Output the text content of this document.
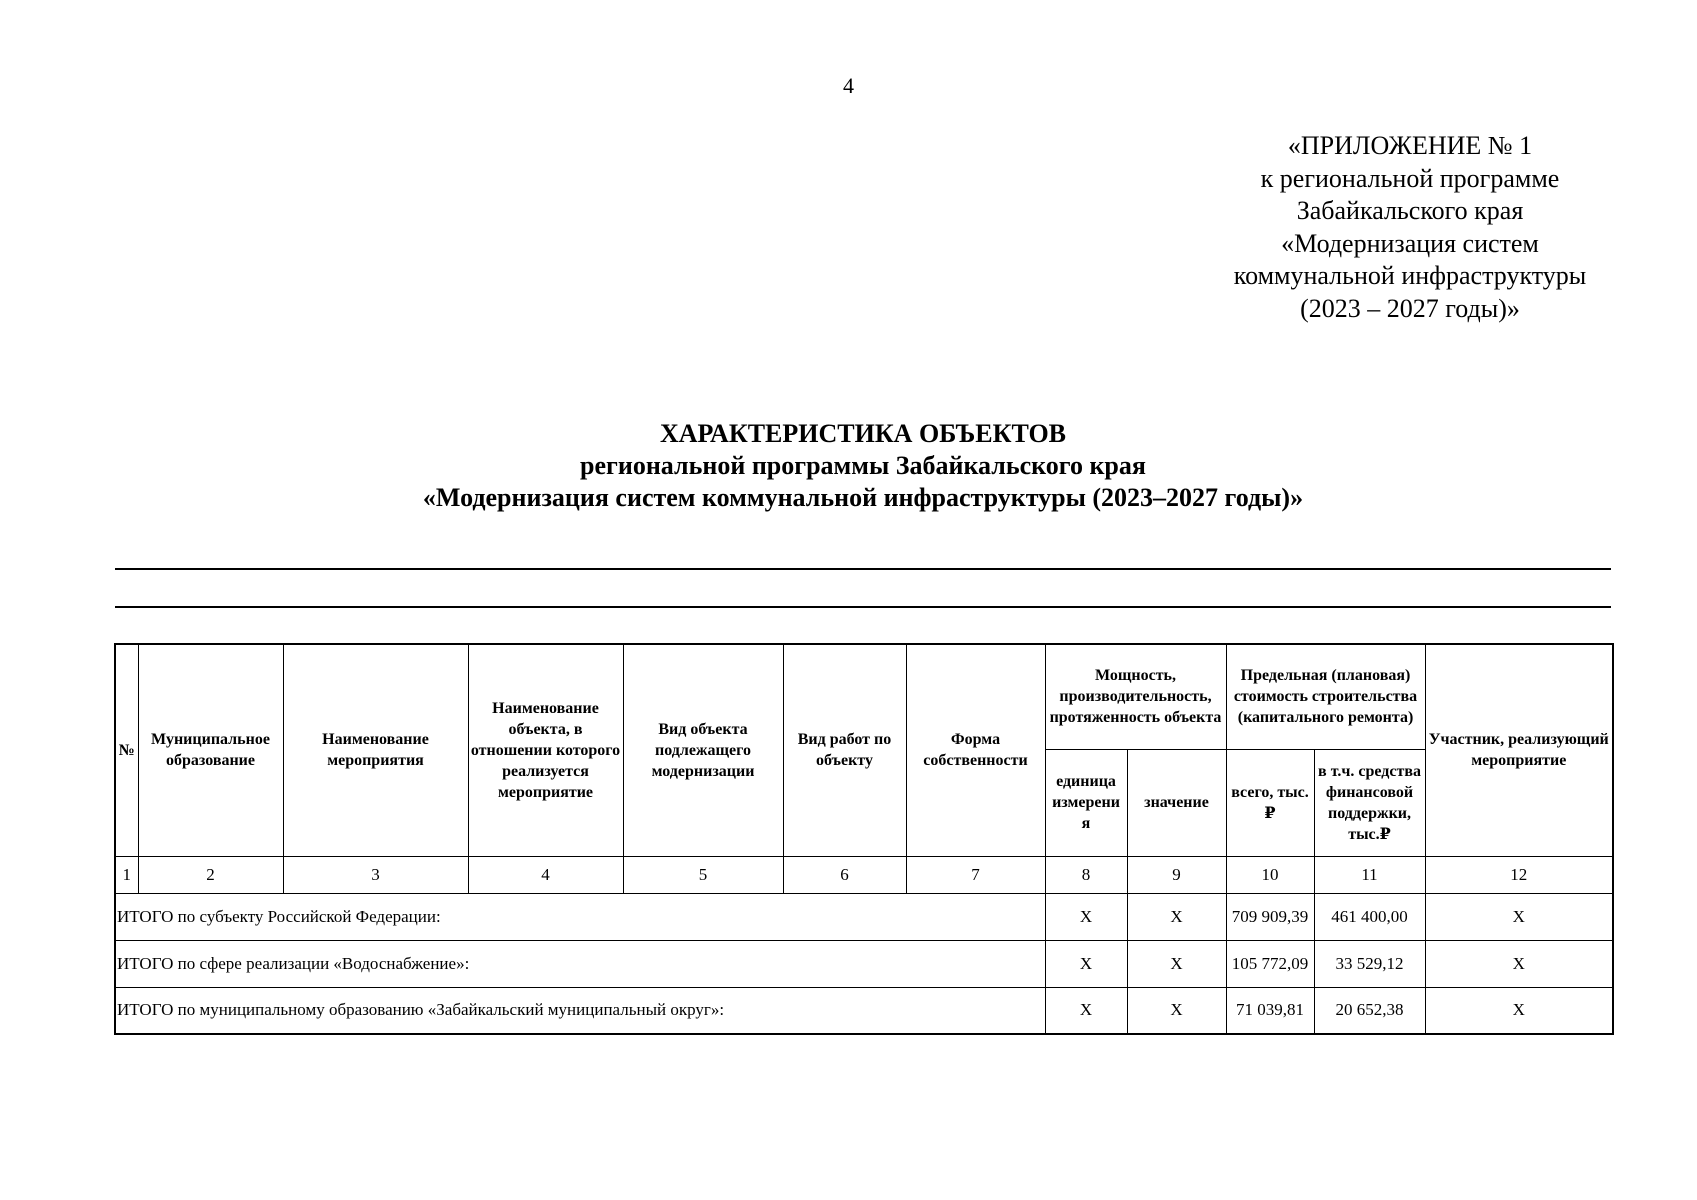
4
«ПРИЛОЖЕНИЕ № 1
к региональной программе
Забайкальского края
«Модернизация систем
коммунальной инфраструктуры
(2023 – 2027 годы)»
ХАРАКТЕРИСТИКА ОБЪЕКТОВ
региональной программы Забайкальского края
«Модернизация систем коммунальной инфраструктуры (2023–2027 годы)»
№	Муниципальное образование	Наименование мероприятия	Наименование объекта, в отношении которого реализуется мероприятие	Вид объекта подлежащего модернизации	Вид работ по объекту	Форма собственности	Мощность, производительность, протяженность объекта		Предельная (плановая) стоимость строительства (капитального ремонта)		Участник, реализующий мероприятие
							единица измерени я	значение	всего, тыс.₽	в т.ч. средства финансовой поддержки, тыс.₽	
1	2	3	4	5	6	7	8	9	10	11	12
ИТОГО по субъекту Российской Федерации:							X	X	709 909,39	461 400,00	X
ИТОГО по сфере реализации «Водоснабжение»:							X	X	105 772,09	33 529,12	X
ИТОГО по муниципальному образованию «Забайкальский муниципальный округ»:							X	X	71 039,81	20 652,38	X
